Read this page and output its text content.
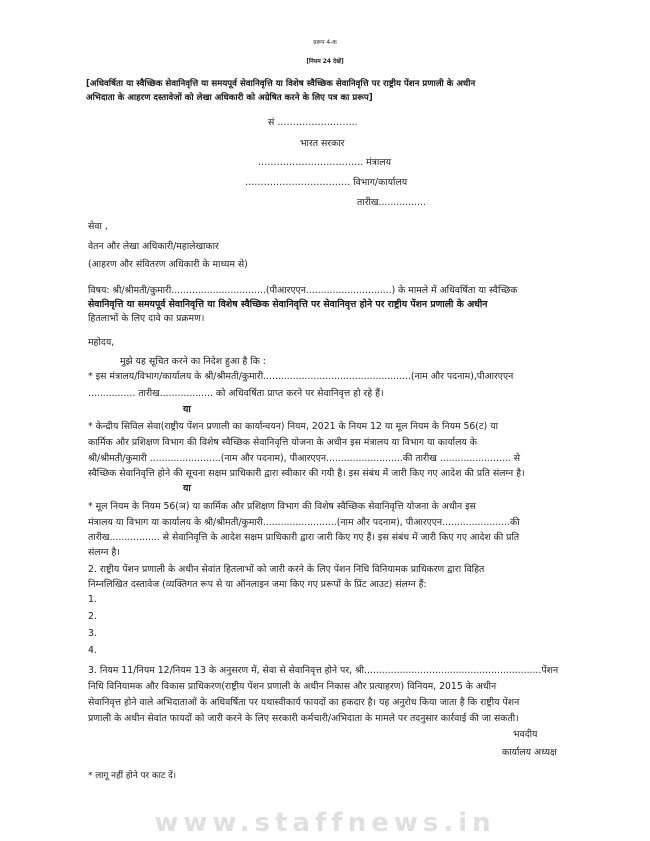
प्ररूप 4-क
[नियम 24 देखें]
[अधिवर्षिता या स्वैच्छिक सेवानिवृत्ति या समयपूर्व सेवानिवृत्ति या विशेष स्वैच्छिक सेवानिवृत्ति पर राष्ट्रीय पेंशन प्रणाली के अधीन
अभिदाता के आहरण दस्तावेजों को लेखा अधिकारी को अग्रेषित करने के लिए पत्र का प्ररूप]
सं ……………………..
भारत सरकार
……………………………. मंत्रालय
……………………………. विभाग/कार्यालय
तारीख................
सेवा ,
वेतन और लेखा अधिकारी/महालेखाकार
(आहरण और संवितरण अधिकारी के माध्यम से)
विषय: श्री/श्रीमती/कुमारी................................(पीआरएएन.............................) के मामले में अधिवर्षिता या स्वैच्छिक
सेवानिवृत्ति या समयपूर्व सेवानिवृत्ति या विशेष स्वैच्छिक सेवानिवृत्ति पर सेवानिवृत्त होने पर राष्ट्रीय पेंशन प्रणाली के अधीन
हितलाभों के लिए दावे का प्रक्रमण।
महोदय,
मुझे यह सूचित करने का निदेश हुआ है कि :
* इस मंत्रालय/विभाग/कार्यालय के श्री/श्रीमती/कुमारी..................................................(नाम और पदनाम),पीआरएएन
................ तारीख.................. को अधिवर्षिता प्राप्त करने पर सेवानिवृत्त हो रहे हैं।
या
* केन्द्रीय सिविल सेवा(राष्ट्रीय पेंशन प्रणाली का कार्यान्वयन) नियम, 2021 के नियम 12 या मूल नियम के नियम 56(ट) या
कार्मिक और प्रशिक्षण विभाग की विशेष स्वैच्छिक सेवानिवृत्ति योजना के अधीन इस मंत्रालय या विभाग या कार्यालय के
श्री/श्रीमती/कुमारी ........................(नाम और पदनाम), पीआरएएन..........................की तारीख ........................ से
स्वैच्छिक सेवानिवृत्ति होने की सूचना सक्षम प्राधिकारी द्वारा स्वीकार की गयी है। इस संबंध में जारी किए गए आदेश की प्रति संलग्न है।
या
* मूल नियम के नियम 56(ञ) या कार्मिक और प्रशिक्षण विभाग की विशेष स्वैच्छिक सेवानिवृत्ति योजना के अधीन इस
मंत्रालय या विभाग या कार्यालय के श्री/श्रीमती/कुमारी.........................(नाम और पदनाम), पीआरएएन.......................की
तारीख................. से सेवानिवृत्ति के आदेश सक्षम प्राधिकारी द्वारा जारी किए गए हैं। इस संबंध में जारी किए गए आदेश की प्रति
संलग्न है।
2. राष्ट्रीय पेंशन प्रणाली के अधीन सेवांत हितलाभों को जारी करने के लिए पेंशन निधि विनियामक प्राधिकरण द्वारा विहित
निम्नलिखित दस्तावेज (व्यक्तिगत रूप से या ऑनलाइन जमा किए गए प्ररूपों के प्रिंट आउट) संलग्न हैं:
1.
2.
3.
4.
3. नियम 11/नियम 12/नियम 13 के अनुसरण में, सेवा से सेवानिवृत्त होने पर, श्री............................................................पेंशन
निधि विनियामक और विकास प्राधिकरण(राष्ट्रीय पेंशन प्रणाली के अधीन निकास और प्रत्याहरण) विनियम, 2015 के अधीन
सेवानिवृत्त होने वाले अभिदाताओं के अधिवर्षिता पर यथास्वीकार्य फायदों का हकदार है। यह अनुरोध किया जाता है कि राष्ट्रीय पेंशन
प्रणाली के अधीन सेवांत फायदों को जारी करने के लिए सरकारी कर्मचारी/अभिदाता के मामले पर तदनुसार कार्रवाई की जा सकती।
भवदीय
कार्यालय अध्यक्ष
* लागू नहीं होने पर काट दें।
www.staffnews.in
